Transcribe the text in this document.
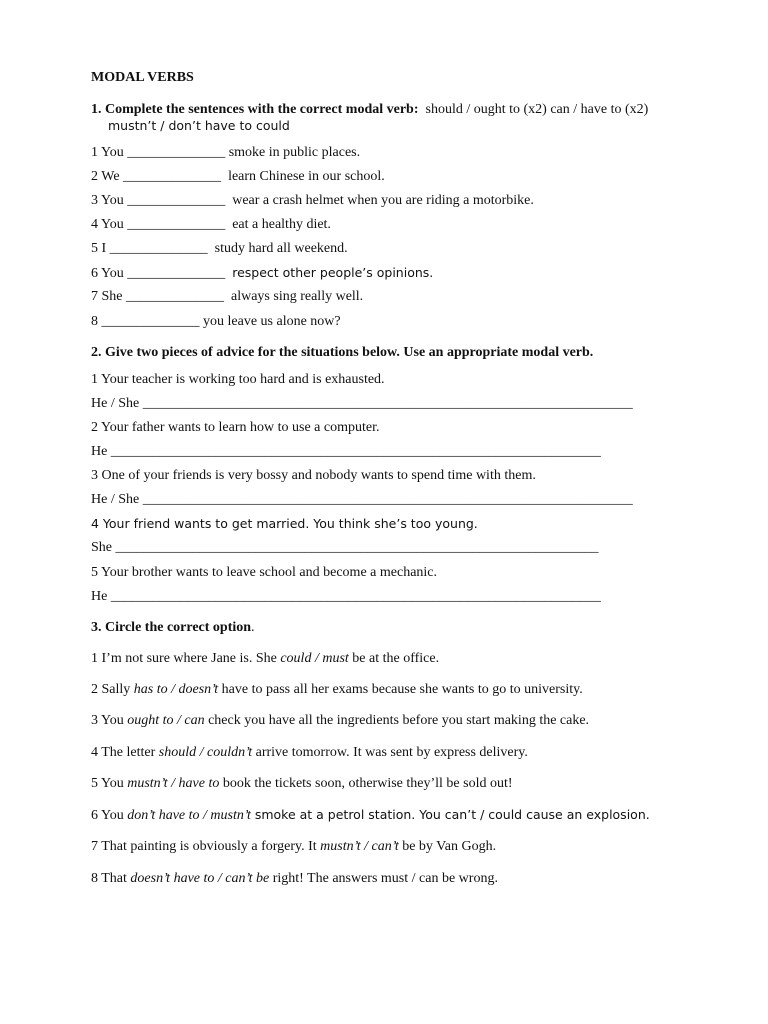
MODAL VERBS
1. Complete the sentences with the correct modal verb:  should / ought to (x2) can / have to (x2)
mustn’t / don’t have to could
1 You ______________ smoke in public places.
2 We ______________  learn Chinese in our school.
3 You ______________  wear a crash helmet when you are riding a motorbike.
4 You ______________  eat a healthy diet.
5 I ______________  study hard all weekend.
6 You ______________  respect other people’s opinions.
7 She ______________  always sing really well.
8 ______________ you leave us alone now?
2. Give two pieces of advice for the situations below. Use an appropriate modal verb.
1 Your teacher is working too hard and is exhausted.
He / She ______________________________________________________________________
2 Your father wants to learn how to use a computer.
He ______________________________________________________________________
3 One of your friends is very bossy and nobody wants to spend time with them.
He / She ______________________________________________________________________
4 Your friend wants to get married. You think she’s too young.
She _____________________________________________________________________
5 Your brother wants to leave school and become a mechanic.
He ______________________________________________________________________
3. Circle the correct option.
1 I’m not sure where Jane is. She could / must be at the office.
2 Sally has to / doesn’t have to pass all her exams because she wants to go to university.
3 You ought to / can check you have all the ingredients before you start making the cake.
4 The letter should / couldn’t arrive tomorrow. It was sent by express delivery.
5 You mustn’t / have to book the tickets soon, otherwise they’ll be sold out!
6 You don’t have to / mustn’t smoke at a petrol station. You can’t / could cause an explosion.
7 That painting is obviously a forgery. It mustn’t / can’t be by Van Gogh.
8 That doesn’t have to / can’t be right! The answers must / can be wrong.
